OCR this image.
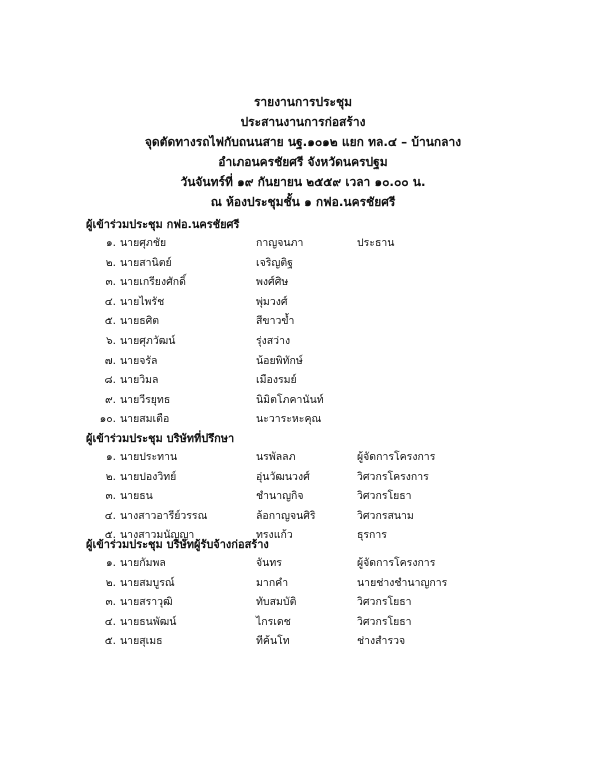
รายงานการประชุม
ประสานงานการก่อสร้าง
จุดตัดทางรถไฟกับถนนสาย นฐ.๑๐๑๒ แยก ทล.๔ – บ้านกลาง
อำเภอนครชัยศรี จังหวัดนครปฐม
วันจันทร์ที่ ๑๙ กันยายน ๒๕๕๙ เวลา ๑๐.๐๐ น.
ณ ห้องประชุมชั้น ๑ กฟอ.นครชัยศรี
ผู้เข้าร่วมประชุม กฟอ.นครชัยศรี
๑. นายศุภชัย	กาญจนภา	ประธาน
๒. นายสานิตย์	เจริญติฐ
๓. นายเกรียงศักดิ์	พงศ์ศิษ
๔. นายไพรัช	พุ่มวงศ์
๕. นายธศิต	สีขาวข้ำ
๖. นายศุภวัฒน์	รุ่งสว่าง
๗. นายจรัล	น้อยพิทักษ์
๘. นายวิมล	เมืองรมย์
๙. นายวีรยุทธ	นิมิตโภคานันท์
๑๐. นายสมเตือ	นะวาระหะคุณ
ผู้เข้าร่วมประชุม บริษัทที่ปรึกษา
๑. นายประทาน	นรพัลลภ	ผู้จัดการโครงการ
๒. นายปองวิทย์	อุ่นวัฒนวงศ์	วิศวกรโครงการ
๓. นายธน	ชำนาญกิจ	วิศวกรโยธา
๔. นางสาวอารีย์วรรณ	ล้อกาญจนศิริ	วิศวกรสนาม
๕. นางสาวมนัญญา	ทรงแก้ว	ธุรการ
ผู้เข้าร่วมประชุม บริษัทผู้รับจ้างก่อสร้าง
๑. นายกัมพล	จันทร	ผู้จัดการโครงการ
๒. นายสมบูรณ์	มากคำ	นายช่างชำนาญการ
๓. นายสราวุฒิ	ทับสมบัติ	วิศวกรโยธา
๔. นายธนพัฒน์	ไกรเดช	วิศวกรโยธา
๕. นายสุเมธ	ทีค้นโท	ช่างสำรวจ
